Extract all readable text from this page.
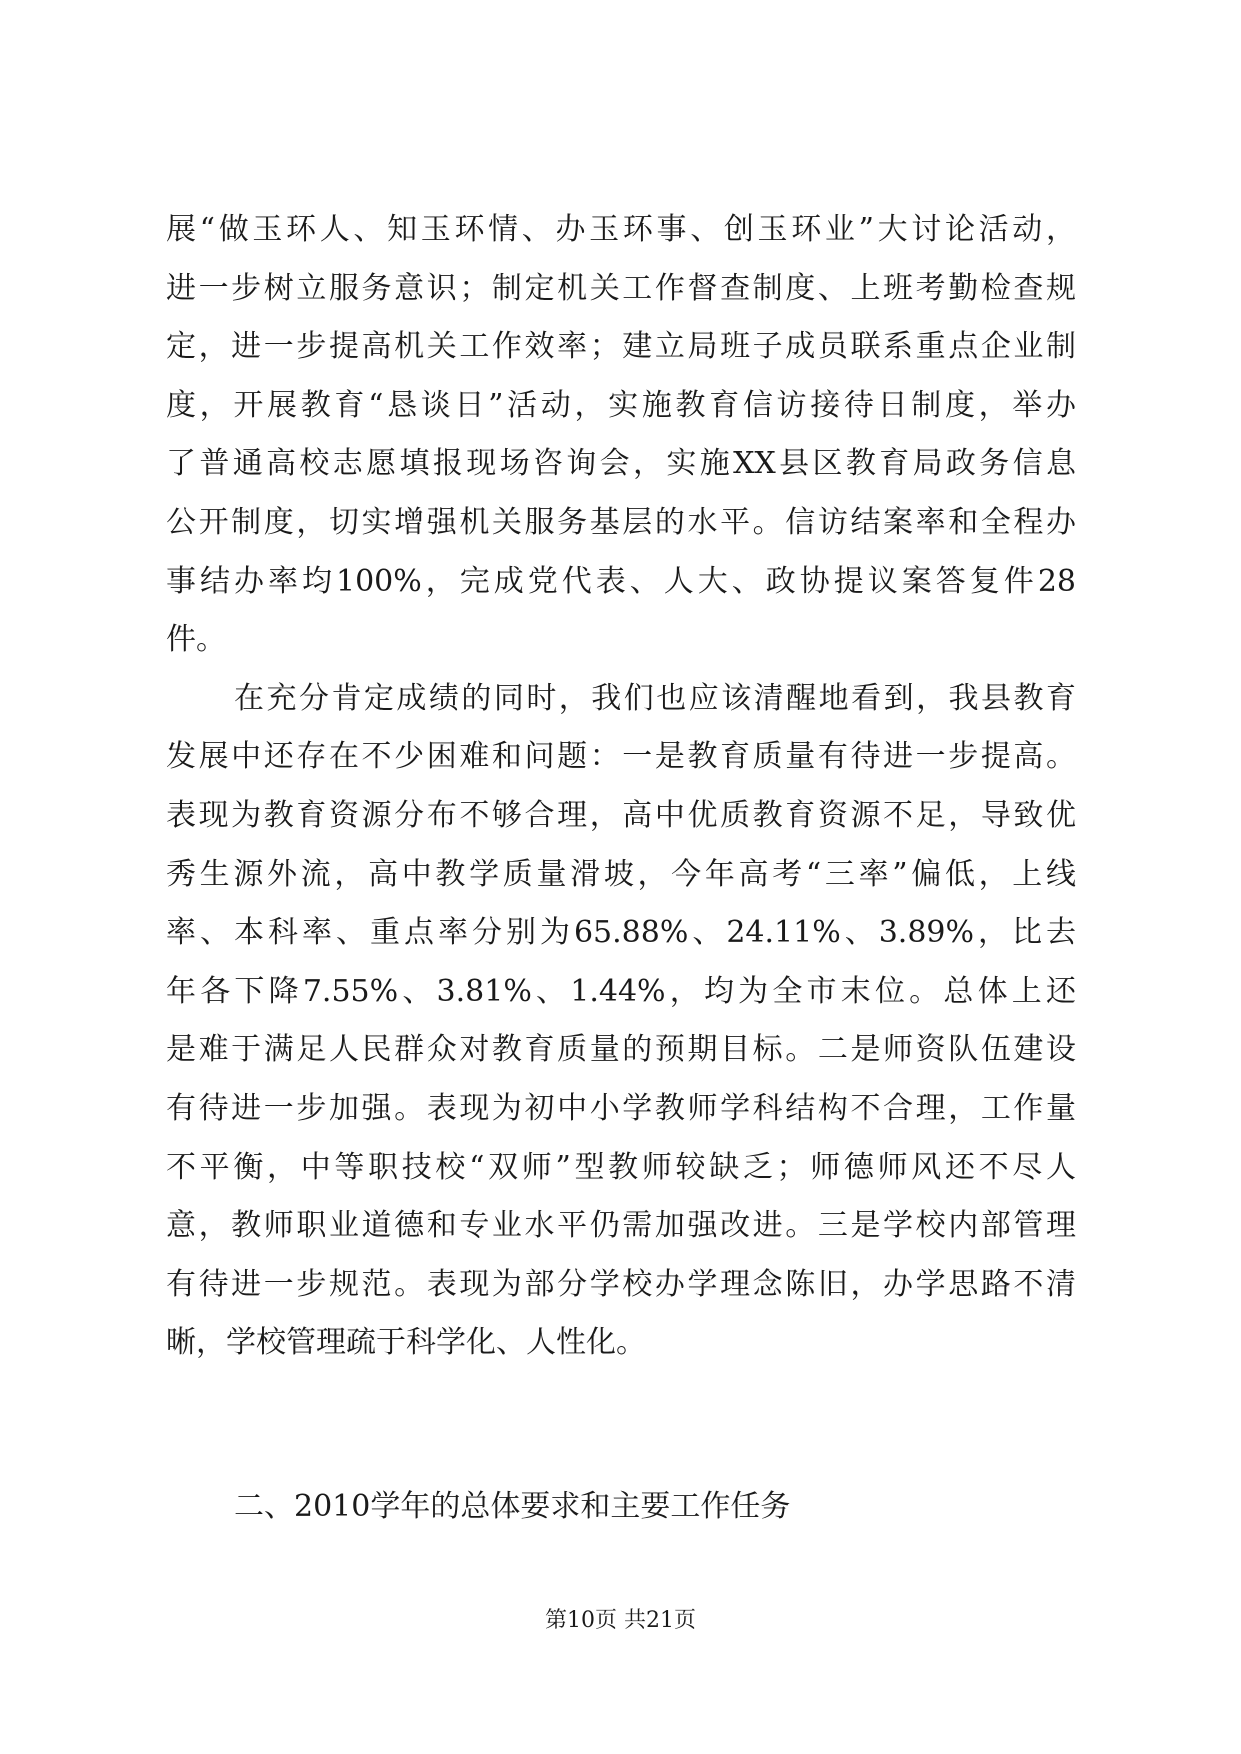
展“做玉环人、知玉环情、办玉环事、创玉环业”大讨论活动，
进一步树立服务意识；制定机关工作督查制度、上班考勤检查规
定，进一步提高机关工作效率；建立局班子成员联系重点企业制
度，开展教育“恳谈日”活动，实施教育信访接待日制度，举办
了普通高校志愿填报现场咨询会，实施XX县区教育局政务信息
公开制度，切实增强机关服务基层的水平。信访结案率和全程办
事结办率均100%，完成党代表、人大、政协提议案答复件28
件。
在充分肯定成绩的同时，我们也应该清醒地看到，我县教育
发展中还存在不少困难和问题：一是教育质量有待进一步提高。
表现为教育资源分布不够合理，高中优质教育资源不足，导致优
秀生源外流，高中教学质量滑坡，今年高考“三率”偏低，上线
率、本科率、重点率分别为65.88%、24.11%、3.89%，比去
年各下降7.55%、3.81%、1.44%，均为全市末位。总体上还
是难于满足人民群众对教育质量的预期目标。二是师资队伍建设
有待进一步加强。表现为初中小学教师学科结构不合理，工作量
不平衡，中等职技校“双师”型教师较缺乏；师德师风还不尽人
意，教师职业道德和专业水平仍需加强改进。三是学校内部管理
有待进一步规范。表现为部分学校办学理念陈旧，办学思路不清
晰，学校管理疏于科学化、人性化。
二、2010学年的总体要求和主要工作任务
第10页 共21页
